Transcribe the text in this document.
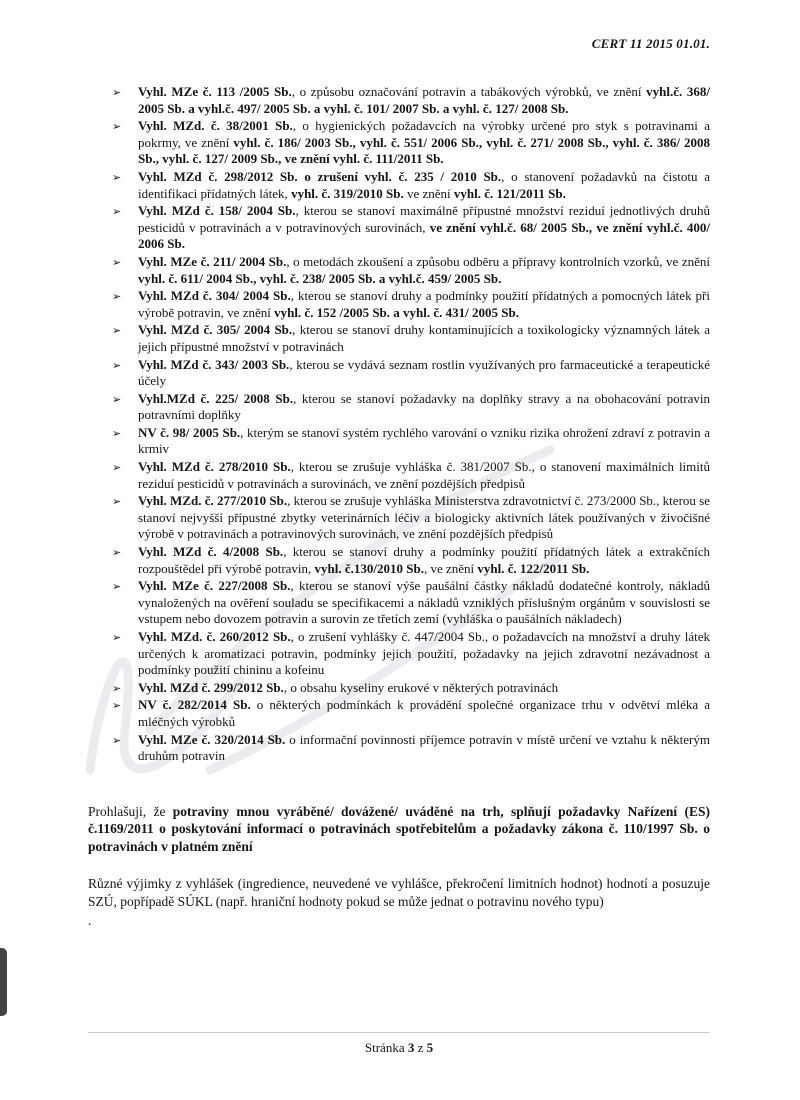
CERT 11 2015 01.01.
➢ Vyhl. MZe č. 113 /2005 Sb., o způsobu označování potravin a tabákových výrobků, ve znění vyhl.č. 368/ 2005 Sb. a vyhl.č. 497/ 2005 Sb. a vyhl. č. 101/ 2007 Sb. a vyhl. č. 127/ 2008 Sb.
➢ Vyhl. MZd. č. 38/2001 Sb., o hygienických požadavcích na výrobky určené pro styk s potravinami a pokrmy, ve znění vyhl. č. 186/ 2003 Sb., vyhl. č. 551/ 2006 Sb., vyhl. č. 271/ 2008 Sb., vyhl. č. 386/ 2008 Sb., vyhl. č. 127/ 2009 Sb., ve znění vyhl. č. 111/2011 Sb.
➢ Vyhl. MZd č. 298/2012 Sb. o zrušení vyhl. č. 235 / 2010 Sb., o stanovení požadavků na čistotu a identifikaci přídatných látek, vyhl. č. 319/2010 Sb. ve znění vyhl. č. 121/2011 Sb.
➢ Vyhl. MZd č. 158/ 2004 Sb., kterou se stanoví maximálně přípustné množství reziduí jednotlivých druhů pesticidů v potravinách a v potravinových surovinách, ve znění vyhl.č. 68/ 2005 Sb., ve znění vyhl.č. 400/ 2006 Sb.
➢ Vyhl. MZe č. 211/ 2004 Sb., o metodách zkoušení a způsobu odběru a přípravy kontrolních vzorků, ve znění vyhl. č. 611/ 2004 Sb., vyhl. č. 238/ 2005 Sb. a vyhl.č. 459/ 2005 Sb.
➢ Vyhl. MZd č. 304/ 2004 Sb., kterou se stanoví druhy a podmínky použití přídatných a pomocných látek při výrobě potravin, ve znění vyhl. č. 152 /2005 Sb. a vyhl. č. 431/ 2005 Sb.
➢ Vyhl. MZd č. 305/ 2004 Sb., kterou se stanoví druhy kontaminujících a toxikologicky významných látek a jejich přípustné množství v potravinách
➢ Vyhl. MZd č. 343/ 2003 Sb., kterou se vydává seznam rostlin využívaných pro farmaceutické a terapeutické účely
➢ Vyhl.MZd č. 225/ 2008 Sb., kterou se stanoví požadavky na doplňky stravy a na obohacování potravin potravními doplňky
➢ NV č. 98/ 2005 Sb., kterým se stanoví systém rychlého varování o vzniku rizika ohrožení zdraví z potravin a krmiv
➢ Vyhl. MZd č. 278/2010 Sb., kterou se zrušuje vyhláška č. 381/2007 Sb., o stanovení maximálních limitů reziduí pesticidů v potravinách a surovinách, ve znění pozdějších předpisů
➢ Vyhl. MZd. č. 277/2010 Sb., kterou se zrušuje vyhláška Ministerstva zdravotnictví č. 273/2000 Sb., kterou se stanoví nejvyšší přípustné zbytky veterinárních léčiv a biologicky aktivních látek používaných v živočišné výrobě v potravinách a potravinových surovinách, ve znění pozdějších předpisů
➢ Vyhl. MZd č. 4/2008 Sb., kterou se stanoví druhy a podmínky použití přídatných látek a extrakčních rozpouštědel při výrobě potravin, vyhl. č.130/2010 Sb., ve znění vyhl. č. 122/2011 Sb.
➢ Vyhl. MZe č. 227/2008 Sb., kterou se stanoví výše paušální částky nákladů dodatečné kontroly, nákladů vynaložených na ověření souladu se specifikacemi a nákladů vzniklých příslušným orgánům v souvislosti se vstupem nebo dovozem potravin a surovin ze třetích zemí (vyhláška o paušálních nákladech)
➢ Vyhl. MZd. č. 260/2012 Sb., o zrušení vyhlášky č. 447/2004 Sb., o požadavcích na množství a druhy látek určených k aromatizaci potravin, podmínky jejich použití, požadavky na jejich zdravotní nezávadnost a podmínky použití chininu a kofeinu
➢ Vyhl. MZd č. 299/2012 Sb., o obsahu kyseliny erukové v některých potravinách
➢ NV č. 282/2014 Sb. o některých podmínkách k provádění společné organizace trhu v odvětví mléka a mléčných výrobků
➢ Vyhl. MZe č. 320/2014 Sb. o informační povinnosti příjemce potravin v místě určení ve vztahu k některým druhům potravin

Prohlašuji, že potraviny mnou vyráběné/ dovážené/ uváděné na trh, splňují požadavky Nařízení (ES) č.1169/2011 o poskytování informací o potravinách spotřebitelům a požadavky zákona č. 110/1997 Sb. o potravinách v platném znění

Různé výjimky z vyhlášek (ingredience, neuvedené ve vyhlášce, překročení limitních hodnot) hodnotí a posuzuje SZÚ, popřípadě SÚKL (např. hraniční hodnoty pokud se může jednat o potravinu nového typu)

.

Stránka 3 z 5
